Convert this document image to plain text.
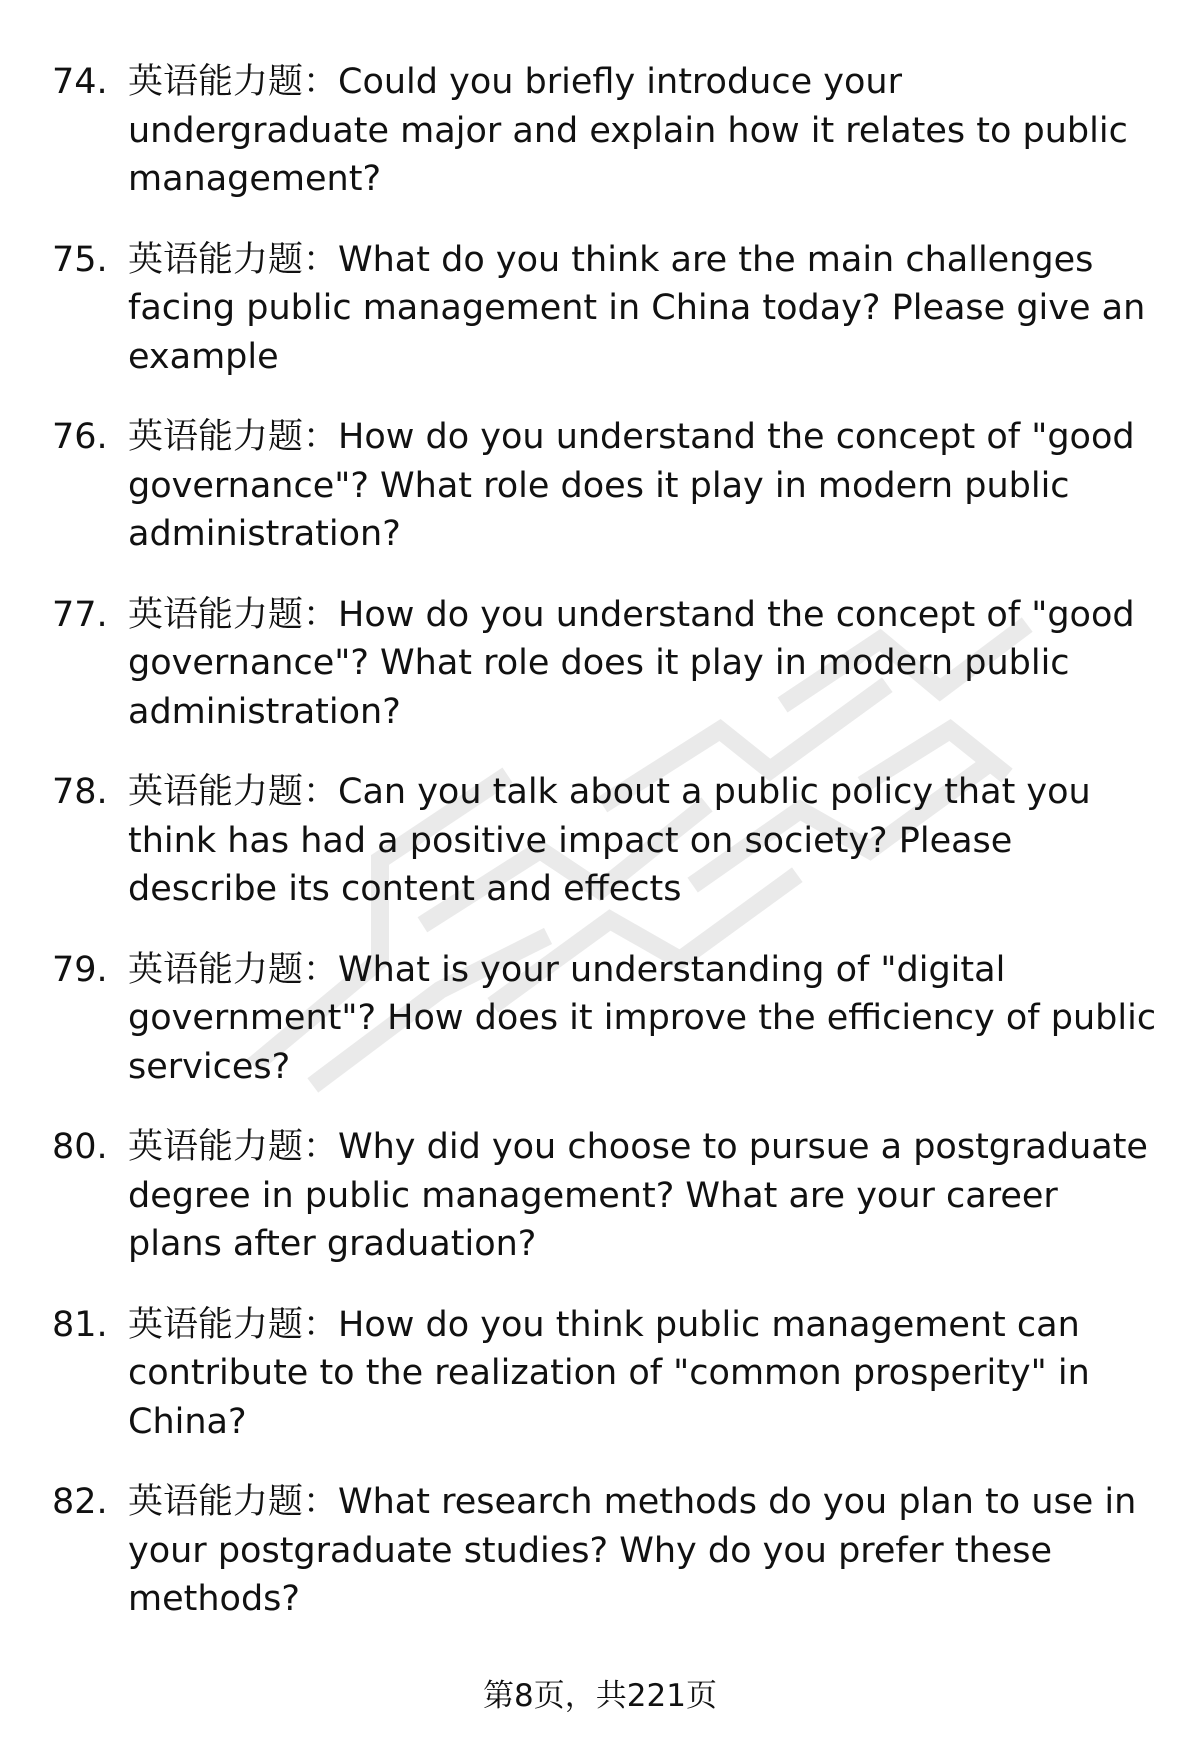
74. 英语能力题：Could you briefly introduce your undergraduate major and explain how it relates to public management?
75. 英语能力题：What do you think are the main challenges facing public management in China today? Please give an example
76. 英语能力题：How do you understand the concept of "good governance"? What role does it play in modern public administration?
77. 英语能力题：How do you understand the concept of "good governance"? What role does it play in modern public administration?
78. 英语能力题：Can you talk about a public policy that you think has had a positive impact on society? Please describe its content and effects
79. 英语能力题：What is your understanding of "digital government"? How does it improve the efficiency of public services?
80. 英语能力题：Why did you choose to pursue a postgraduate degree in public management? What are your career plans after graduation?
81. 英语能力题：How do you think public management can contribute to the realization of "common prosperity" in China?
82. 英语能力题：What research methods do you plan to use in your postgraduate studies? Why do you prefer these methods?
第8页，共221页
